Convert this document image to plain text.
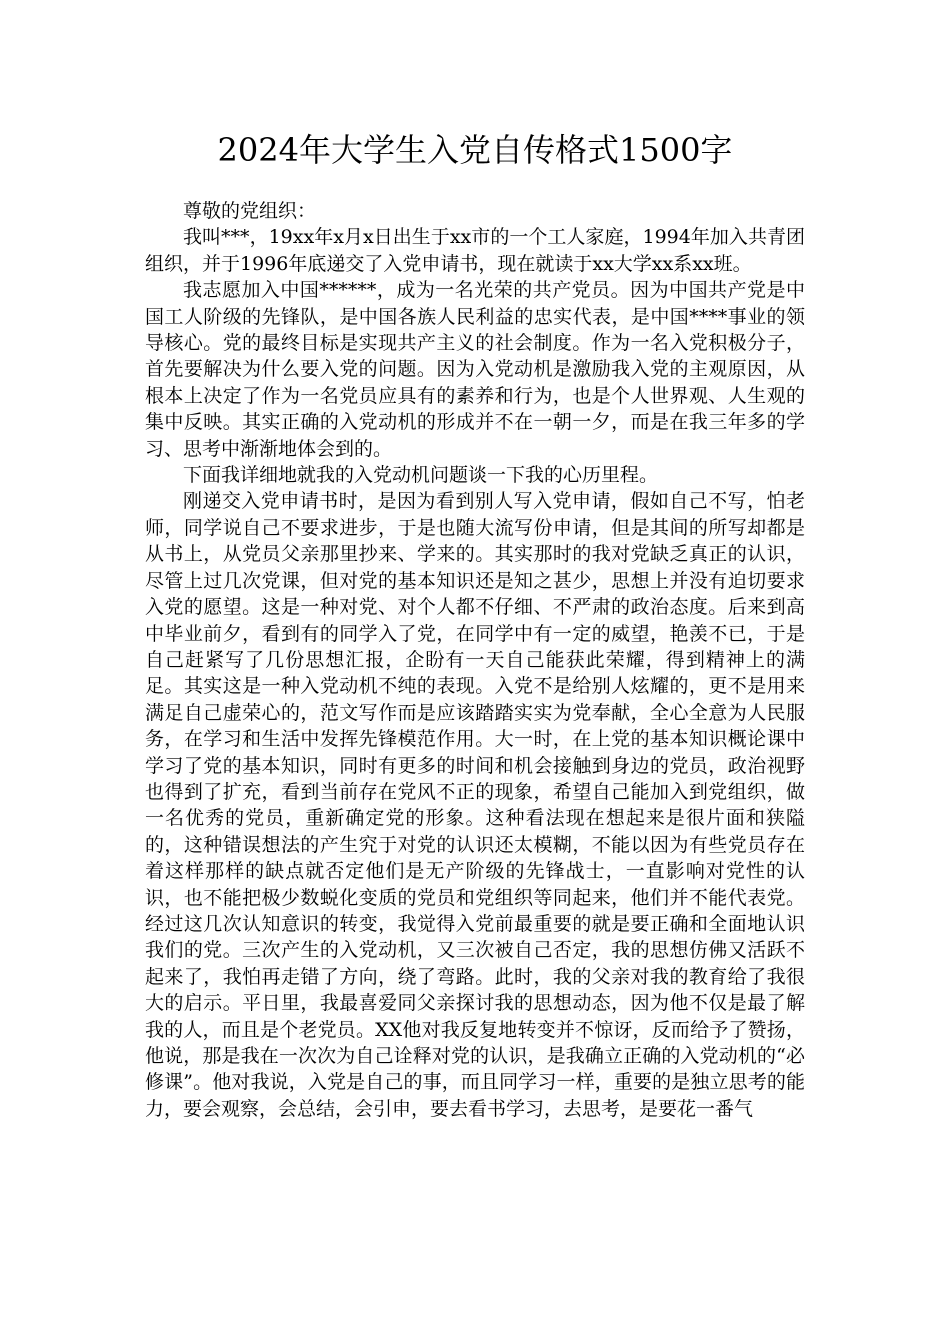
2024年大学生入党自传格式1500字

尊敬的党组织：

我叫***，19xx年x月x日出生于xx市的一个工人家庭，1994年加入共青团组织，并于1996年底递交了入党申请书，现在就读于xx大学xx系xx班。

我志愿加入中国******，成为一名光荣的共产党员。因为中国共产党是中国工人阶级的先锋队，是中国各族人民利益的忠实代表，是中国****事业的领导核心。党的最终目标是实现共产主义的社会制度。作为一名入党积极分子，首先要解决为什么要入党的问题。因为入党动机是激励我入党的主观原因，从根本上决定了作为一名党员应具有的素养和行为，也是个人世界观、人生观的集中反映。其实正确的入党动机的形成并不在一朝一夕，而是在我三年多的学习、思考中渐渐地体会到的。

下面我详细地就我的入党动机问题谈一下我的心历里程。

刚递交入党申请书时，是因为看到别人写入党申请，假如自己不写，怕老师，同学说自己不要求进步，于是也随大流写份申请，但是其间的所写却都是从书上，从党员父亲那里抄来、学来的。其实那时的我对党缺乏真正的认识，尽管上过几次党课，但对党的基本知识还是知之甚少，思想上并没有迫切要求入党的愿望。这是一种对党、对个人都不仔细、不严肃的政治态度。后来到高中毕业前夕，看到有的同学入了党，在同学中有一定的威望，艳羡不已，于是自己赶紧写了几份思想汇报，企盼有一天自己能获此荣耀，得到精神上的满足。其实这是一种入党动机不纯的表现。入党不是给别人炫耀的，更不是用来满足自己虚荣心的，范文写作而是应该踏踏实实为党奉献，全心全意为人民服务，在学习和生活中发挥先锋模范作用。大一时，在上党的基本知识概论课中学习了党的基本知识，同时有更多的时间和机会接触到身边的党员，政治视野也得到了扩充，看到当前存在党风不正的现象，希望自己能加入到党组织，做一名优秀的党员，重新确定党的形象。这种看法现在想起来是很片面和狭隘的，这种错误想法的产生究于对党的认识还太模糊，不能以因为有些党员存在着这样那样的缺点就否定他们是无产阶级的先锋战士，一直影响对党性的认识，也不能把极少数蜕化变质的党员和党组织等同起来，他们并不能代表党。经过这几次认知意识的转变，我觉得入党前最重要的就是要正确和全面地认识我们的党。三次产生的入党动机，又三次被自己否定，我的思想仿佛又活跃不起来了，我怕再走错了方向，绕了弯路。此时，我的父亲对我的教育给了我很大的启示。平日里，我最喜爱同父亲探讨我的思想动态，因为他不仅是最了解我的人，而且是个老党员。XX他对我反复地转变并不惊讶，反而给予了赞扬，他说，那是我在一次次为自己诠释对党的认识，是我确立正确的入党动机的“必修课”。他对我说，入党是自己的事，而且同学习一样，重要的是独立思考的能力，要会观察，会总结，会引申，要去看书学习，去思考，是要花一番气
